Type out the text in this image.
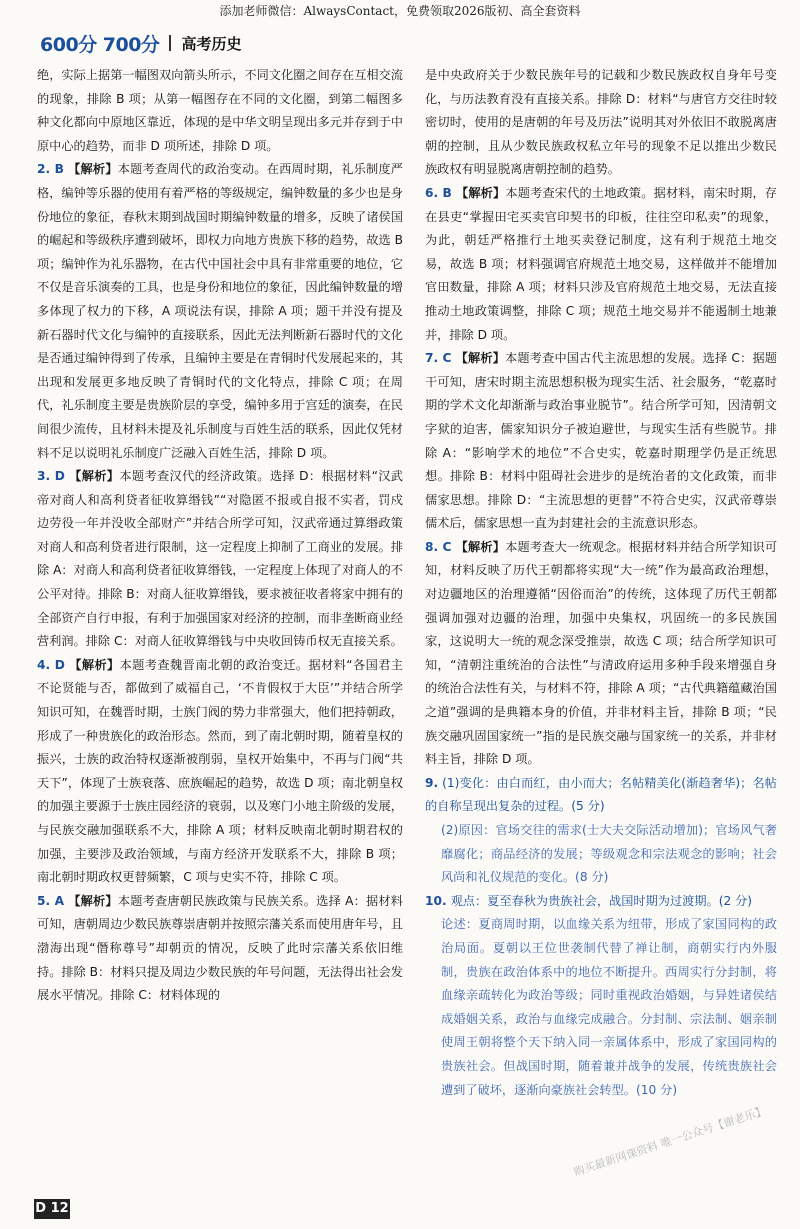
添加老师微信：AlwaysContact，免费领取2026版初、高全套资料
600分 700分 高考历史

绝，实际上据第一幅图双向箭头所示，不同文化圈之间存在互相交流的现象，排除 B 项；从第一幅图存在不同的文化圈，到第二幅图多种文化都向中原地区靠近，体现的是中华文明呈现出多元并存到于中原中心的趋势，而非 D 项所述，排除 D 项。

2. B 【解析】本题考查周代的政治变动。在西周时期，礼乐制度严格，编钟等乐器的使用有着严格的等级规定，编钟数量的多少也是身份地位的象征，春秋末期到战国时期编钟数量的增多，反映了诸侯国的崛起和等级秩序遭到破坏，即权力向地方贵族下移的趋势，故选 B 项；编钟作为礼乐器物，在古代中国社会中具有非常重要的地位，它不仅是音乐演奏的工具，也是身份和地位的象征，因此编钟数量的增多体现了权力的下移，A 项说法有误，排除 A 项；题干并没有提及新石器时代文化与编钟的直接联系，因此无法判断新石器时代的文化是否通过编钟得到了传承，且编钟主要是在青铜时代发展起来的，其出现和发展更多地反映了青铜时代的文化特点，排除 C 项；在周代，礼乐制度主要是贵族阶层的享受，编钟多用于宫廷的演奏，在民间很少流传，且材料未提及礼乐制度与百姓生活的联系，因此仅凭材料不足以说明礼乐制度广泛融入百姓生活，排除 D 项。

3. D 【解析】本题考查汉代的经济政策。选择 D：根据材料“汉武帝对商人和高利贷者征收算缗钱”“对隐匿不报或自报不实者，罚戍边劳役一年并没收全部财产”并结合所学可知，汉武帝通过算缗政策对商人和高利贷者进行限制，这一定程度上抑制了工商业的发展。排除 A：对商人和高利贷者征收算缗钱，一定程度上体现了对商人的不公平对待。排除 B：对商人征收算缗钱，要求被征收者将家中拥有的全部资产自行申报，有利于加强国家对经济的控制，而非垄断商业经营利润。排除 C：对商人征收算缗钱与中央收回铸币权无直接关系。

4. D 【解析】本题考查魏晋南北朝的政治变迁。据材料“各国君主不论贤能与否，都做到了威福自己，‘不肯假权于大臣’”并结合所学知识可知，在魏晋时期，士族门阀的势力非常强大，他们把持朝政，形成了一种贵族化的政治形态。然而，到了南北朝时期，随着皇权的振兴，士族的政治特权逐渐被削弱，皇权开始集中，不再与门阀“共天下”，体现了士族衰落、庶族崛起的趋势，故选 D 项；南北朝皇权的加强主要源于士族庄园经济的衰弱，以及寒门小地主阶级的发展，与民族交融加强联系不大，排除 A 项；材料反映南北朝时期君权的加强，主要涉及政治领域，与南方经济开发联系不大，排除 B 项；南北朝时期政权更替频繁，C 项与史实不符，排除 C 项。

5. A 【解析】本题考查唐朝民族政策与民族关系。选择 A：据材料可知，唐朝周边少数民族尊崇唐朝并按照宗藩关系而使用唐年号，且渤海出现“僭称尊号”却朝贡的情况，反映了此时宗藩关系依旧维持。排除 B：材料只提及周边少数民族的年号问题，无法得出社会发展水平情况。排除 C：材料体现的

是中央政府关于少数民族年号的记载和少数民族政权自身年号变化，与历法教育没有直接关系。排除 D：材料“与唐官方交往时较密切时，使用的是唐朝的年号及历法”说明其对外依旧不敢脱离唐朝的控制，且从少数民族政权私立年号的现象不足以推出少数民族政权有明显脱离唐朝控制的趋势。

6. B 【解析】本题考查宋代的土地政策。据材料，南宋时期，存在县吏“掌握田宅买卖官印契书的印板，往往空印私卖”的现象，为此，朝廷严格推行土地买卖登记制度，这有利于规范土地交易，故选 B 项；材料强调官府规范土地交易，这样做并不能增加官田数量，排除 A 项；材料只涉及官府规范土地交易，无法直接推动土地政策调整，排除 C 项；规范土地交易并不能遏制土地兼并，排除 D 项。

7. C 【解析】本题考查中国古代主流思想的发展。选择 C：据题干可知，唐宋时期主流思想积极为现实生活、社会服务，“乾嘉时期的学术文化却渐渐与政治事业脱节”。结合所学可知，因清朝文字狱的迫害，儒家知识分子被迫避世，与现实生活有些脱节。排除 A：“影响学术的地位”不合史实，乾嘉时期理学仍是正统思想。排除 B：材料中阻碍社会进步的是统治者的文化政策，而非儒家思想。排除 D：“主流思想的更替”不符合史实，汉武帝尊崇儒术后，儒家思想一直为封建社会的主流意识形态。

8. C 【解析】本题考查大一统观念。根据材料并结合所学知识可知，材料反映了历代王朝都将实现“大一统”作为最高政治理想，对边疆地区的治理遵循“因俗而治”的传统，这体现了历代王朝都强调加强对边疆的治理，加强中央集权，巩固统一的多民族国家，这说明大一统的观念深受推崇，故选 C 项；结合所学知识可知，“清朝注重统治的合法性”与清政府运用多种手段来增强自身的统治合法性有关，与材料不符，排除 A 项；“古代典籍蕴藏治国之道”强调的是典籍本身的价值，并非材料主旨，排除 B 项；“民族交融巩固国家统一”指的是民族交融与国家统一的关系，并非材料主旨，排除 D 项。

9. (1)变化：由白而红，由小而大；名帖精美化(渐趋奢华)；名帖的自称呈现出复杂的过程。(5 分)

(2)原因：官场交往的需求(士大夫交际活动增加)；官场风气奢靡腐化；商品经济的发展；等级观念和宗法观念的影响；社会风尚和礼仪规范的变化。(8 分)

10. 观点：夏至春秋为贵族社会，战国时期为过渡期。(2 分)

论述：夏商周时期，以血缘关系为纽带，形成了家国同构的政治局面。夏朝以王位世袭制代替了禅让制，商朝实行内外服制，贵族在政治体系中的地位不断提升。西周实行分封制，将血缘亲疏转化为政治等级；同时重视政治婚姻，与异姓诸侯结成婚姻关系，政治与血缘完成融合。分封制、宗法制、姻亲制使周王朝将整个天下纳入同一亲属体系中，形成了家国同构的贵族社会。但战国时期，随着兼并战争的发展，传统贵族社会遭到了破坏，逐渐向豪族社会转型。(10 分)

D 12
购买最新网课资料 唯一公众号【谢老乐】
